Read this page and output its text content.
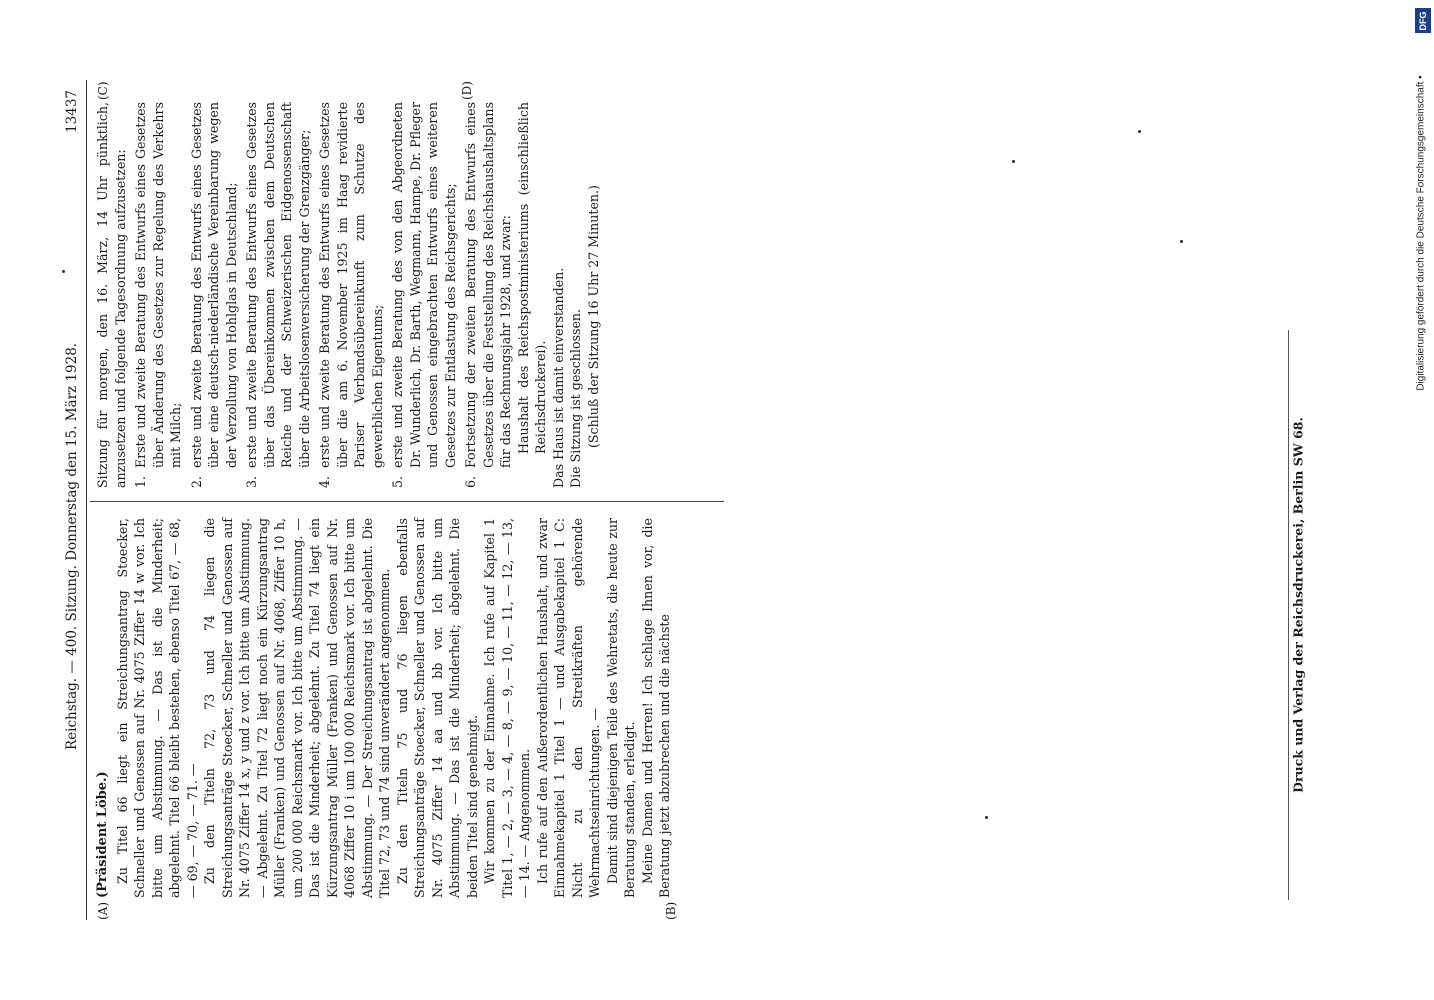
Reichstag. — 400. Sitzung. Donnerstag den 15. März 1928.
13437
(A)	(B)
(C)	(D)
(Präsident Löbe.) Zu Titel 66 liegt ein Streichungsantrag Stoecker, Schneller und Genossen auf Nr. 4075 Ziffer 14 w vor. Ich bitte um Abstimmung. — Das ist die Minderheit; abgelehnt. Titel 66 bleibt bestehen, ebenso Titel 67, — 68, — 69, — 70, — 71. — Zu den Titeln 72, 73 und 74 liegen die Streichungsanträge Stoecker, Schneller und Genossen auf Nr. 4075 Ziffer 14 x, y und z vor. Ich bitte um Abstimmung. — Abgelehnt. Zu Titel 72 liegt noch ein Kürzungsantrag Müller (Franken) und Genossen auf Nr. 4068, Ziffer 10 h, um 200 000 Reichsmark vor. Ich bitte um Abstimmung. — Das ist die Minderheit; abgelehnt. Zu Titel 74 liegt ein Kürzungsantrag Müller (Franken) und Genossen auf Nr. 4068 Ziffer 10 i um 100 000 Reichsmark vor. Ich bitte um Abstimmung. — Der Streichungsantrag ist abgelehnt. Die Titel 72, 73 und 74 sind unverändert angenommen. Zu den Titeln 75 und 76 liegen ebenfalls Streichungsanträge Stoecker, Schneller und Genossen auf Nr. 4075 Ziffer 14 aa und bb vor. Ich bitte um Abstimmung. — Das ist die Minderheit; abgelehnt. Die beiden Titel sind genehmigt. Wir kommen zu der Einnahme. Ich rufe auf Kapitel 1 Titel 1, — 2, — 3, — 4, — 8, — 9, — 10, — 11, — 12, — 13, — 14. — Angenommen. Ich rufe auf den Außerordentlichen Haushalt, und zwar Einnahmekapitel 1 Titel 1 — und Ausgabekapitel 1 C: Nicht zu den Streitkräften gehörende Wehrmachtseinrichtungen. — Damit sind diejenigen Teile des Wehretats, die heute zur Beratung standen, erledigt. Meine Damen und Herren! Ich schlage Ihnen vor, die Beratung jetzt abzubrechen und die nächste

Sitzung für morgen, den 16. März, 14 Uhr pünktlich, anzusetzen und folgende Tagesordnung aufzusetzen: 1.
Erste und zweite Beratung des Entwurfs eines Gesetzes über Änderung des Gesetzes zur Regelung des Verkehrs mit Milch;
2.
erste und zweite Beratung des Entwurfs eines Gesetzes über eine deutsch-niederländische Vereinbarung wegen der Verzollung von Hohlglas in Deutschland;
3.
erste und zweite Beratung des Entwurfs eines Gesetzes über das Übereinkommen zwischen dem Deutschen Reiche und der Schweizerischen Eidgenossenschaft über die Arbeitslosenversicherung der Grenzgänger;
4.
erste und zweite Beratung des Entwurfs eines Gesetzes über die am 6. November 1925 im Haag revidierte Pariser Verbandsübereinkunft zum Schutze des gewerblichen Eigentums;
5.
erste und zweite Beratung des von den Abgeordneten Dr. Wunderlich, Dr. Barth, Wegmann, Hampe, Dr. Pfleger und Genossen eingebrachten Entwurfs eines weiteren Gesetzes zur Entlastung des Reichsgerichts;
6.
Fortsetzung der zweiten Beratung des Entwurfs eines Gesetzes über die Feststellung des Reichshaushaltsplans für das Rechnungsjahr 1928, und zwar: Haushalt des Reichspostministeriums (einschließlich Reichsdruckerei). Das Haus ist damit einverstanden. Die Sitzung ist geschlossen. (Schluß der Sitzung 16 Uhr 27 Minuten.)

Druck und Verlag der Reichsdruckerei, Berlin SW 68.
DFG
Digitalisierung gefördert durch die Deutsche Forschungsgemeinschaft •
